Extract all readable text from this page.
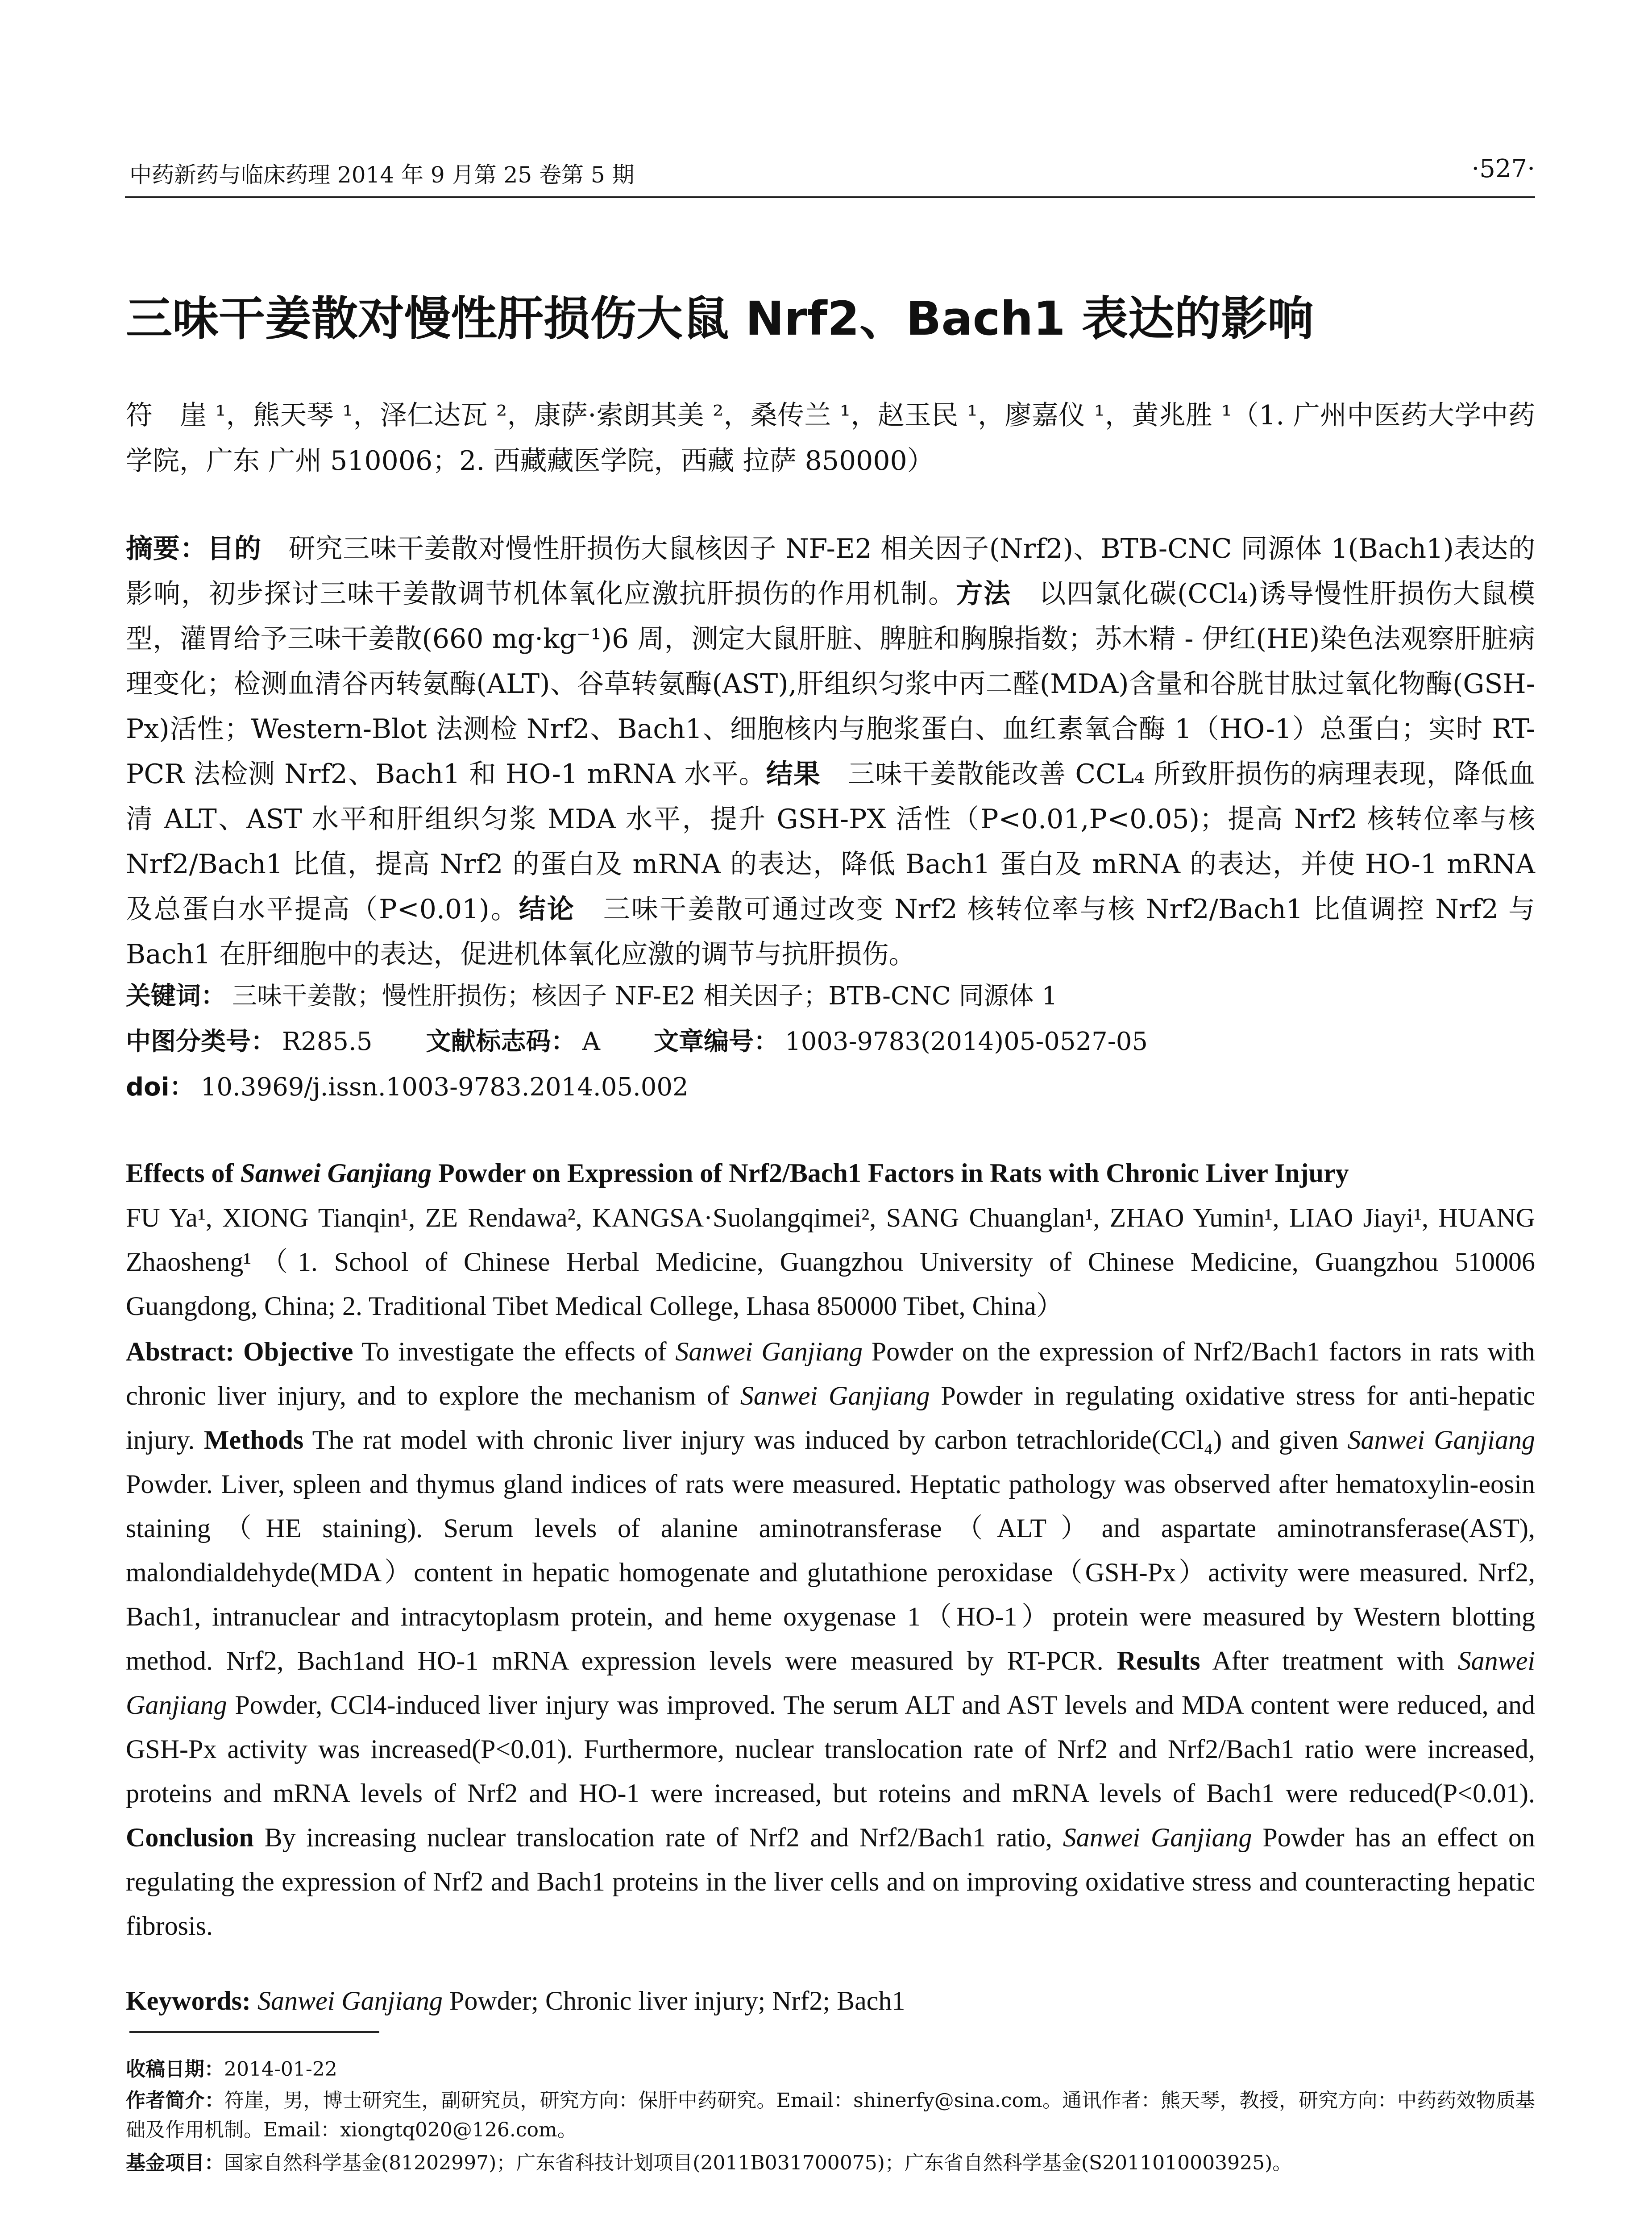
中药新药与临床药理 2014 年 9 月第 25 卷第 5 期	·527·
三味干姜散对慢性肝损伤大鼠 Nrf2、Bach1 表达的影响
符　崖 ¹，熊天琴 ¹，泽仁达瓦 ²，康萨·索朗其美 ²，桑传兰 ¹，赵玉民 ¹，廖嘉仪 ¹，黄兆胜 ¹（1. 广州中医药大学中药学院，广东 广州 510006；2. 西藏藏医学院，西藏 拉萨 850000）
摘要：目的　研究三味干姜散对慢性肝损伤大鼠核因子 NF-E2 相关因子(Nrf2)、BTB-CNC 同源体 1(Bach1)表达的影响，初步探讨三味干姜散调节机体氧化应激抗肝损伤的作用机制。方法　以四氯化碳(CCl₄)诱导慢性肝损伤大鼠模型，灌胃给予三味干姜散(660 mg·kg⁻¹)6 周，测定大鼠肝脏、脾脏和胸腺指数；苏木精 - 伊红(HE)染色法观察肝脏病理变化；检测血清谷丙转氨酶(ALT)、谷草转氨酶(AST),肝组织匀浆中丙二醛(MDA)含量和谷胱甘肽过氧化物酶(GSH-Px)活性；Western-Blot 法测检 Nrf2、Bach1、细胞核内与胞浆蛋白、血红素氧合酶 1（HO-1）总蛋白；实时 RT-PCR 法检测 Nrf2、Bach1 和 HO-1 mRNA 水平。结果　三味干姜散能改善 CCL₄ 所致肝损伤的病理表现，降低血清 ALT、AST 水平和肝组织匀浆 MDA 水平，提升 GSH-PX 活性（P<0.01,P<0.05)；提高 Nrf2 核转位率与核 Nrf2/Bach1 比值，提高 Nrf2 的蛋白及 mRNA 的表达，降低 Bach1 蛋白及 mRNA 的表达，并使 HO-1 mRNA 及总蛋白水平提高（P<0.01)。结论　三味干姜散可通过改变 Nrf2 核转位率与核 Nrf2/Bach1 比值调控 Nrf2 与 Bach1 在肝细胞中的表达，促进机体氧化应激的调节与抗肝损伤。
关键词： 三味干姜散；慢性肝损伤；核因子 NF-E2 相关因子；BTB-CNC 同源体 1
中图分类号： R285.5 文献标志码： A 文章编号： 1003-9783(2014)05-0527-05
doi： 10.3969/j.issn.1003-9783.2014.05.002
Effects of Sanwei Ganjiang Powder on Expression of Nrf2/Bach1 Factors in Rats with Chronic Liver Injury
FU Ya¹, XIONG Tianqin¹, ZE Rendawa², KANGSA·Suolangqimei², SANG Chuanglan¹, ZHAO Yumin¹, LIAO Jiayi¹, HUANG Zhaosheng¹（1. School of Chinese Herbal Medicine, Guangzhou University of Chinese Medicine, Guangzhou 510006 Guangdong, China; 2. Traditional Tibet Medical College, Lhasa 850000 Tibet, China）
Abstract: Objective To investigate the effects of Sanwei Ganjiang Powder on the expression of Nrf2/Bach1 factors in rats with chronic liver injury, and to explore the mechanism of Sanwei Ganjiang Powder in regulating oxidative stress for anti-hepatic injury. Methods The rat model with chronic liver injury was induced by carbon tetrachloride(CCl₄) and given Sanwei Ganjiang Powder. Liver, spleen and thymus gland indices of rats were measured. Heptatic pathology was observed after hematoxylin-eosin staining（HE staining). Serum levels of alanine aminotransferase（ALT）and aspartate aminotransferase(AST), malondialdehyde(MDA）content in hepatic homogenate and glutathione peroxidase（GSH-Px）activity were measured. Nrf2, Bach1, intranuclear and intracytoplasm protein, and heme oxygenase 1（HO-1）protein were measured by Western blotting method. Nrf2, Bach1and HO-1 mRNA expression levels were measured by RT-PCR. Results After treatment with Sanwei Ganjiang Powder, CCl4-induced liver injury was improved. The serum ALT and AST levels and MDA content were reduced, and GSH-Px activity was increased(P<0.01). Furthermore, nuclear translocation rate of Nrf2 and Nrf2/Bach1 ratio were increased, proteins and mRNA levels of Nrf2 and HO-1 were increased, but roteins and mRNA levels of Bach1 were reduced(P<0.01). Conclusion By increasing nuclear translocation rate of Nrf2 and Nrf2/Bach1 ratio, Sanwei Ganjiang Powder has an effect on regulating the expression of Nrf2 and Bach1 proteins in the liver cells and on improving oxidative stress and counteracting hepatic fibrosis.
Keywords: Sanwei Ganjiang Powder; Chronic liver injury; Nrf2; Bach1
收稿日期：2014-01-22
作者简介：符崖，男，博士研究生，副研究员，研究方向：保肝中药研究。Email：shinerfy@sina.com。通讯作者：熊天琴，教授，研究方向：中药药效物质基础及作用机制。Email：xiongtq020@126.com。
基金项目：国家自然科学基金(81202997)；广东省科技计划项目(2011B031700075)；广东省自然科学基金(S2011010003925)。
